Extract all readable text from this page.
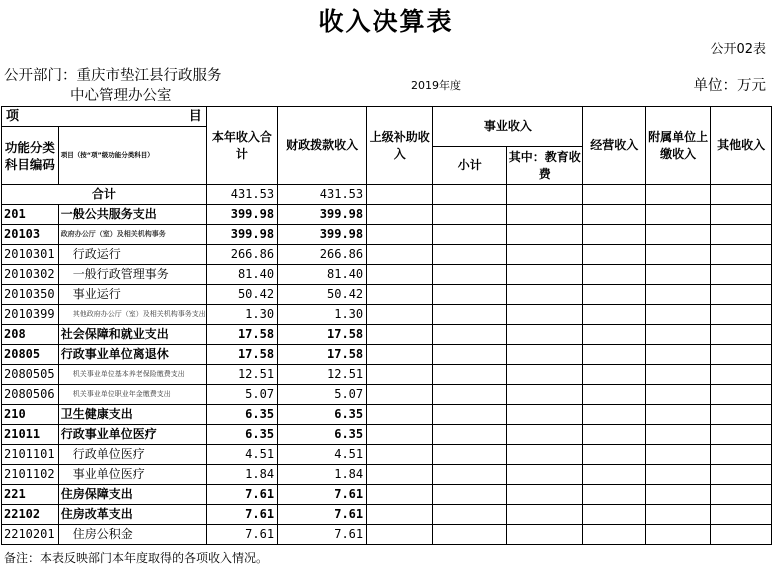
收入决算表
公开02表
公开部门：重庆市垫江县行政服务
中心管理办公室
2019年度	单位：万元
项 目		本年收入合计	财政拨款收入	上级补助收入	事业收入		经营收入	附属单位上缴收入	其他收入
功能分类科目编码	项目（按“项”级功能分类科目）								
					小计	其中：教育收费			
合计		431.53	431.53						
201	一般公共服务支出	399.98	399.98						
20103	政府办公厅（室）及相关机构事务	399.98	399.98						
2010301	行政运行	266.86	266.86						
2010302	一般行政管理事务	81.40	81.40						
2010350	事业运行	50.42	50.42						
2010399	其他政府办公厅（室）及相关机构事务支出	1.30	1.30						
208	社会保障和就业支出	17.58	17.58						
20805	行政事业单位离退休	17.58	17.58						
2080505	机关事业单位基本养老保险缴费支出	12.51	12.51						
2080506	机关事业单位职业年金缴费支出	5.07	5.07						
210	卫生健康支出	6.35	6.35						
21011	行政事业单位医疗	6.35	6.35						
2101101	行政单位医疗	4.51	4.51						
2101102	事业单位医疗	1.84	1.84						
221	住房保障支出	7.61	7.61						
22102	住房改革支出	7.61	7.61						
2210201	住房公积金	7.61	7.61						
备注：本表反映部门本年度取得的各项收入情况。
